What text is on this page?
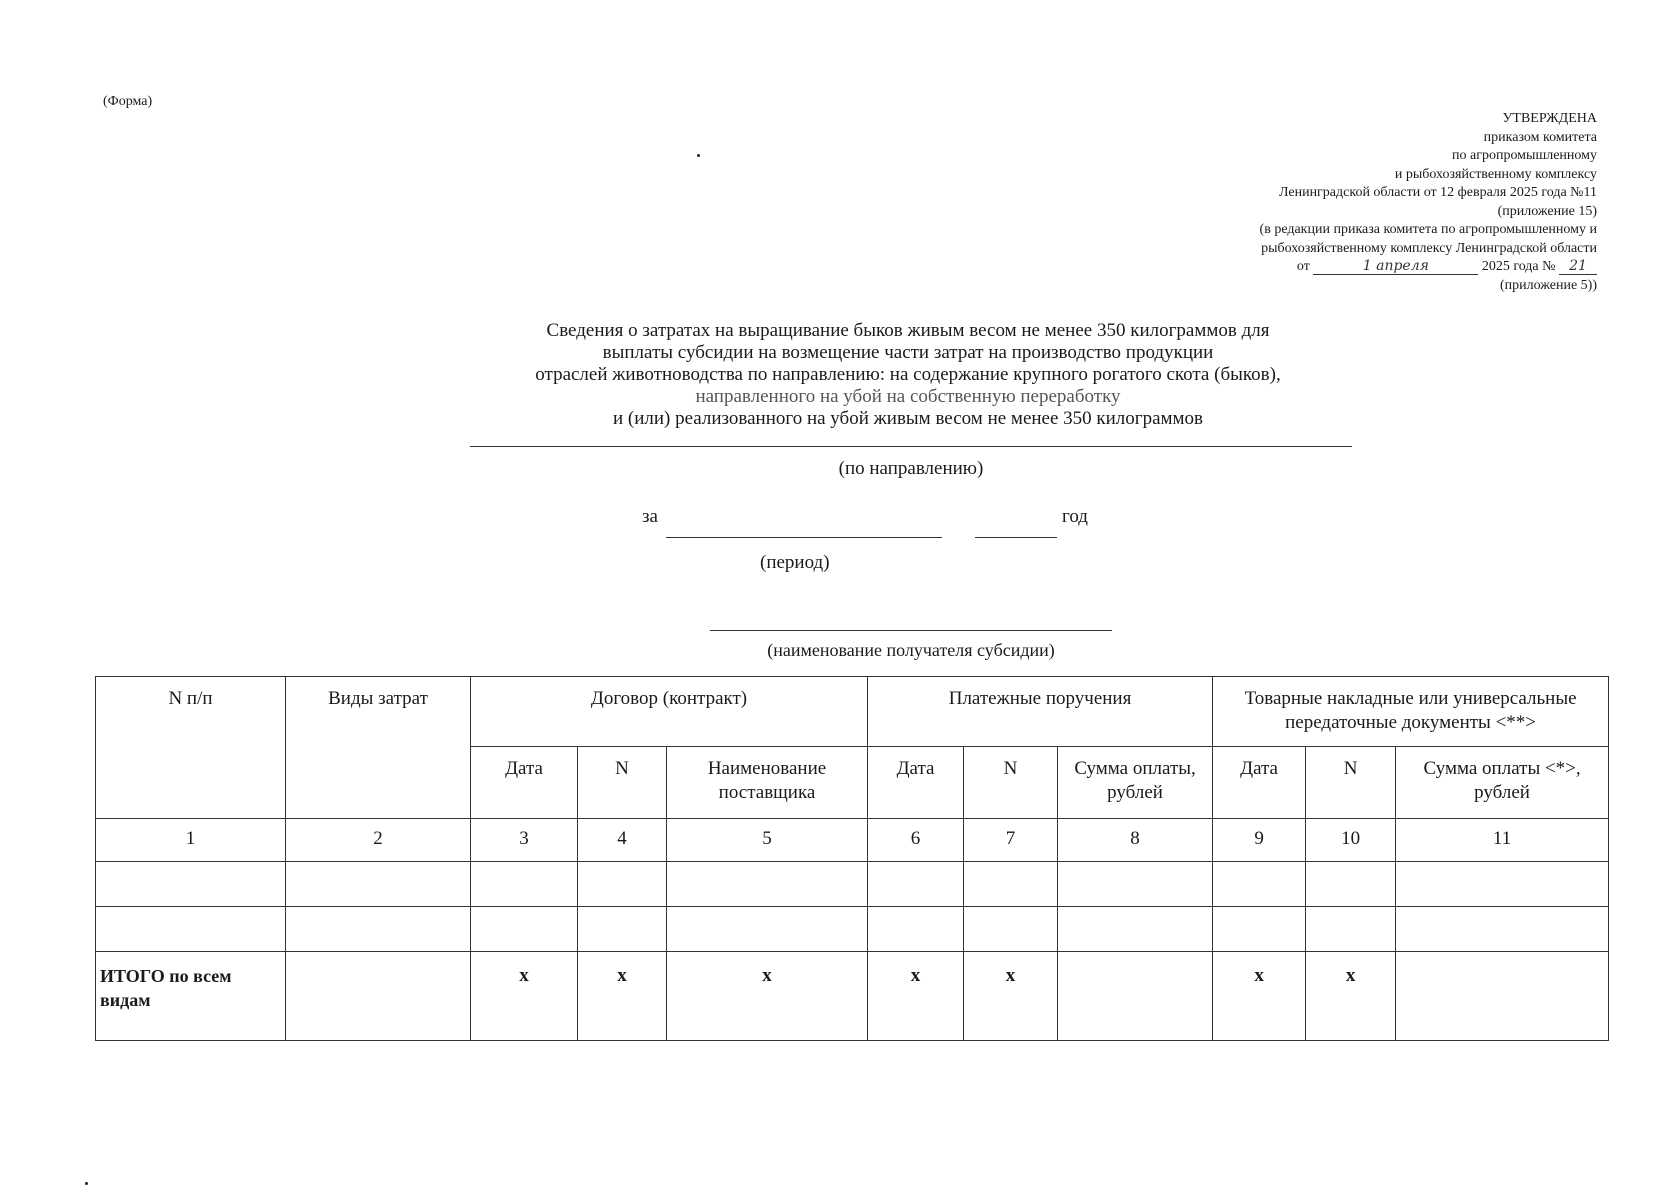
(Форма)
УТВЕРЖДЕНА
приказом комитета
по агропромышленному
и рыбохозяйственному комплексу
Ленинградской области от 12 февраля 2025 года №11
(приложение 15)
(в редакции приказа комитета по агропромышленному и
рыбохозяйственному комплексу Ленинградской области
от	1 апреля	2025 года № 21
(приложение 5))
Сведения о затратах на выращивание быков живым весом не менее 350 килограммов для
выплаты субсидии на возмещение части затрат на производство продукции
отраслей животноводства по направлению: на содержание крупного рогатого скота (быков),
направленного на убой на собственную переработку
и (или) реализованного на убой живым весом не менее 350 килограммов
(по направлению)
за	год
(период)
(наименование получателя субсидии)
N п/п	Виды затрат	Договор (контракт)			Платежные поручения			Товарные накладные или универсальные передаточные документы <**>		
		Дата	N	Наименование поставщика	Дата	N	Сумма оплаты, рублей	Дата	N	Сумма оплаты <*>, рублей
1	2	3	4	5	6	7	8	9	10	11

ИТОГО по всем видам		х	х	х	х	х		х	х	
